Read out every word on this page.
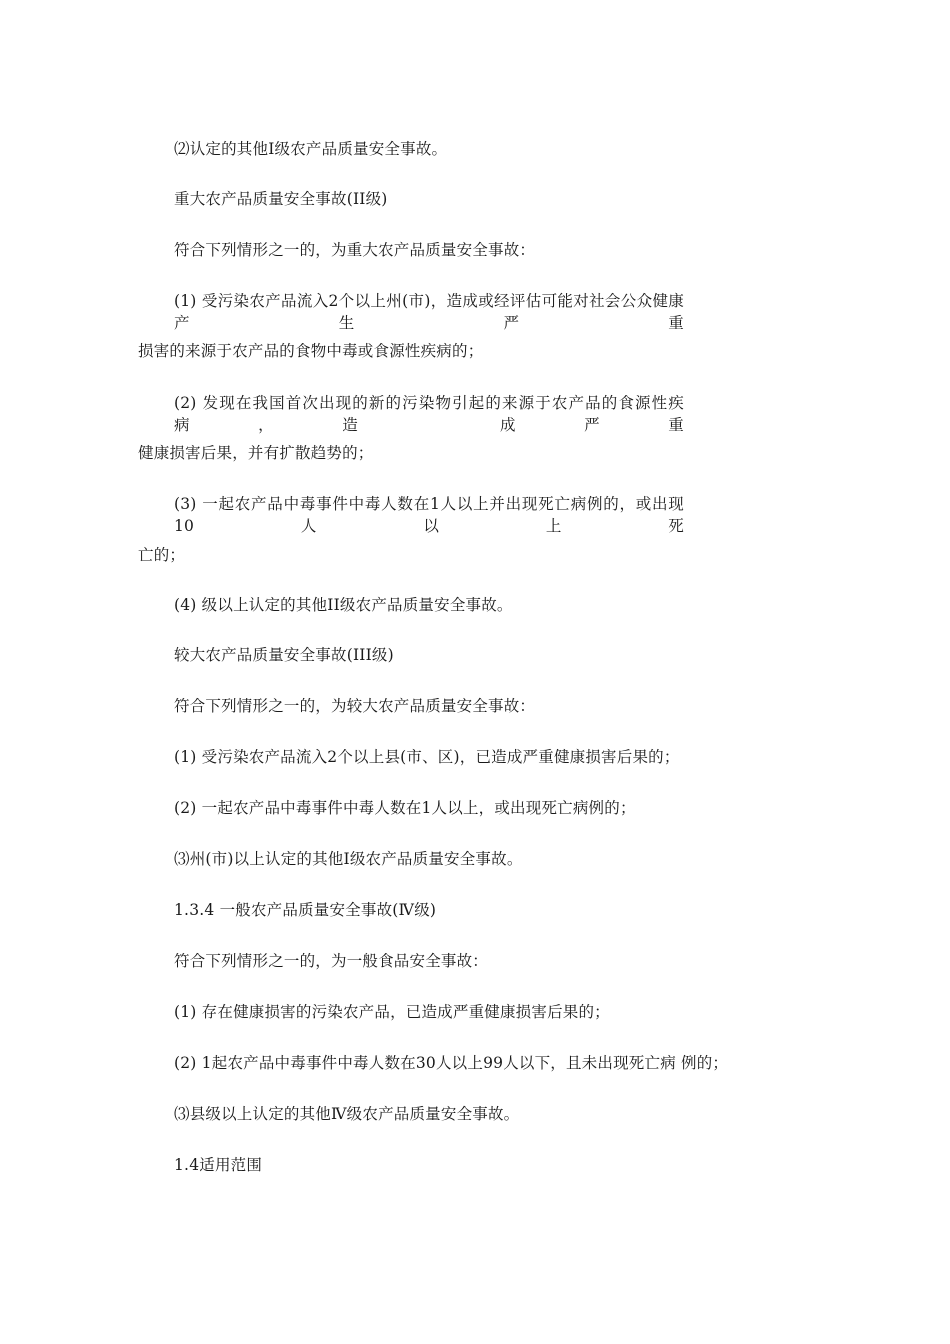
⑵认定的其他Ⅰ级农产品质量安全事故。
重大农产品质量安全事故(II级)
符合下列情形之一的，为重大农产品质量安全事故：
(1) 受污染农产品流入2个以上州(市)，造成或经评估可能对社会公众健康 产生严重
损害的来源于农产品的食物中毒或食源性疾病的；
(2) 发现在我国首次出现的新的污染物引起的来源于农产品的食源性疾病，造 成严重
健康损害后果，并有扩散趋势的；
(3) 一起农产品中毒事件中毒人数在1人以上并出现死亡病例的，或出现 10人以上死
亡的；
(4) 级以上认定的其他II级农产品质量安全事故。
较大农产品质量安全事故(III级)
符合下列情形之一的，为较大农产品质量安全事故：
(1) 受污染农产品流入2个以上县(市、区)，已造成严重健康损害后果的；
(2) 一起农产品中毒事件中毒人数在1人以上，或出现死亡病例的；
⑶州(市)以上认定的其他Ⅰ级农产品质量安全事故。
1.3.4 一般农产品质量安全事故(Ⅳ级)
符合下列情形之一的，为一般食品安全事故：
(1) 存在健康损害的污染农产品，已造成严重健康损害后果的；
(2) 1起农产品中毒事件中毒人数在30人以上99人以下，且未出现死亡病 例的；
⑶县级以上认定的其他Ⅳ级农产品质量安全事故。
1.4适用范围
